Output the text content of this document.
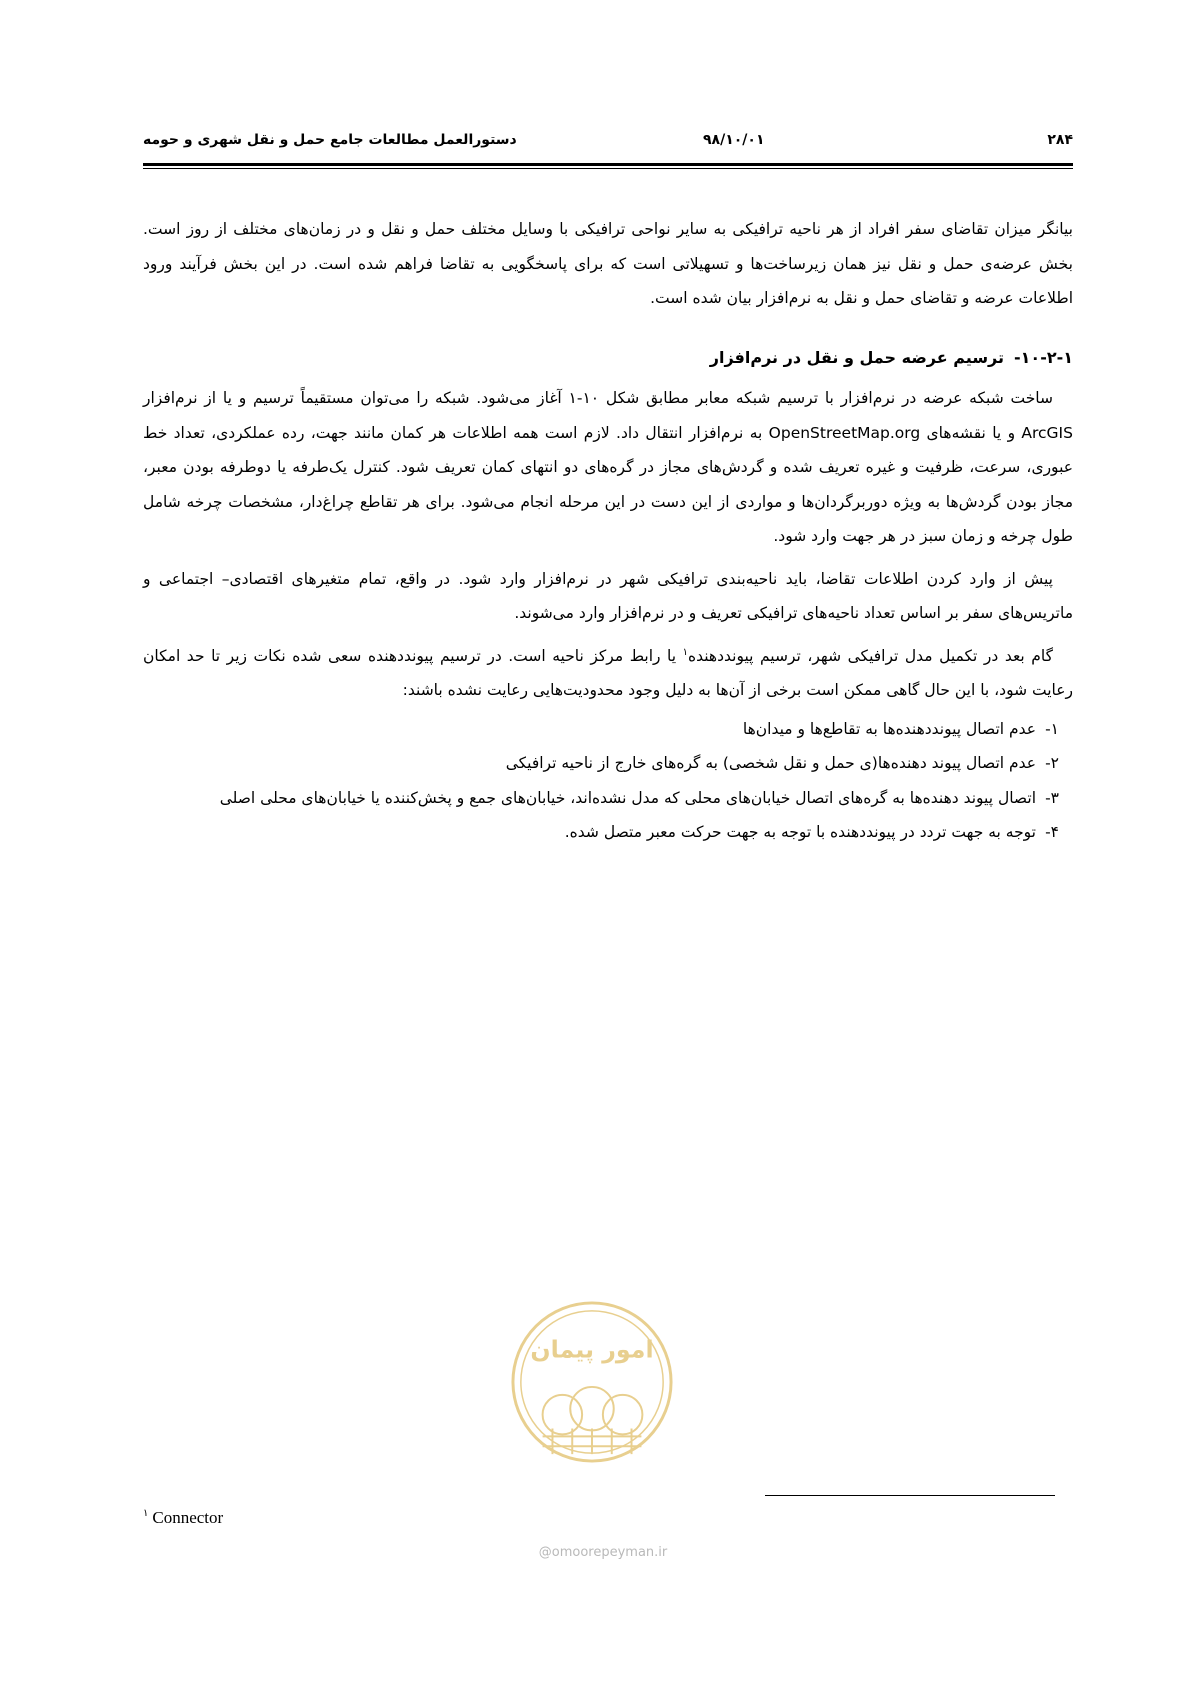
۲۸۴
۹۸/۱۰/۰۱
دستورالعمل مطالعات جامع حمل و نقل شهری و حومه

بیانگر میزان تقاضای سفر افراد از هر ناحیه ترافیکی به سایر نواحی ترافیکی با وسایل مختلف حمل و نقل و در زمان‌های مختلف از روز است. بخش عرضه‌ی حمل و نقل نیز همان زیرساخت‌ها و تسهیلاتی است که برای پاسخگویی به تقاضا فراهم شده است. در این بخش فرآیند ورود اطلاعات عرضه و تقاضای حمل و نقل به نرم‌افزار بیان شده است.

۱۰-۲-۱-ترسیم عرضه حمل و نقل در نرم‌افزار

ساخت شبکه عرضه در نرم‌افزار با ترسیم شبکه معابر مطابق شکل ۱۰-۱ آغاز می‌شود. شبکه را می‌توان مستقیماً ترسیم و یا از نرم‌افزار ArcGIS و یا نقشه‌های OpenStreetMap.org به نرم‌افزار انتقال داد. لازم است همه اطلاعات هر کمان مانند جهت، رده عملکردی، تعداد خط عبوری، سرعت، ظرفیت و غیره تعریف شده و گردش‌های مجاز در گره‌های دو انتهای کمان تعریف شود. کنترل یک‌طرفه یا دوطرفه بودن معبر، مجاز بودن گردش‌ها به ویژه دوربرگردان‌ها و مواردی از این دست در این مرحله انجام می‌شود. برای هر تقاطع چراغ‌دار، مشخصات چرخه شامل طول چرخه و زمان سبز در هر جهت وارد شود.

پیش از وارد کردن اطلاعات تقاضا، باید ناحیه‌بندی ترافیکی شهر در نرم‌افزار وارد شود. در واقع، تمام متغیرهای اقتصادی– اجتماعی و ماتریس‌های سفر بر اساس تعداد ناحیه‌های ترافیکی تعریف و در نرم‌افزار وارد می‌شوند.

گام بعد در تکمیل مدل ترافیکی شهر، ترسیم پیونددهنده$^۱$ یا رابط مرکز ناحیه است. در ترسیم پیونددهنده سعی شده نکات زیر تا حد امکان رعایت شود، با این حال گاهی ممکن است برخی از آن‌ها به دلیل وجود محدودیت‌هایی رعایت نشده باشند:

۱-
عدم اتصال پیونددهنده‌ها به تقاطع‌ها و میدان‌ها
۲-
عدم اتصال پیوند دهنده‌ها(ی حمل و نقل شخصی) به گره‌های خارج از ناحیه ترافیکی
۳-
اتصال پیوند دهنده‌ها به گره‌های اتصال خیابان‌های محلی که مدل نشده‌اند، خیابان‌های جمع و پخش‌کننده یا خیابان‌های محلی اصلی
۴-
توجه به جهت تردد در پیونددهنده با توجه به جهت حرکت معبر متصل شده.
امور پیمان
@omoorepeyman.ir
$^۱$ Connector
